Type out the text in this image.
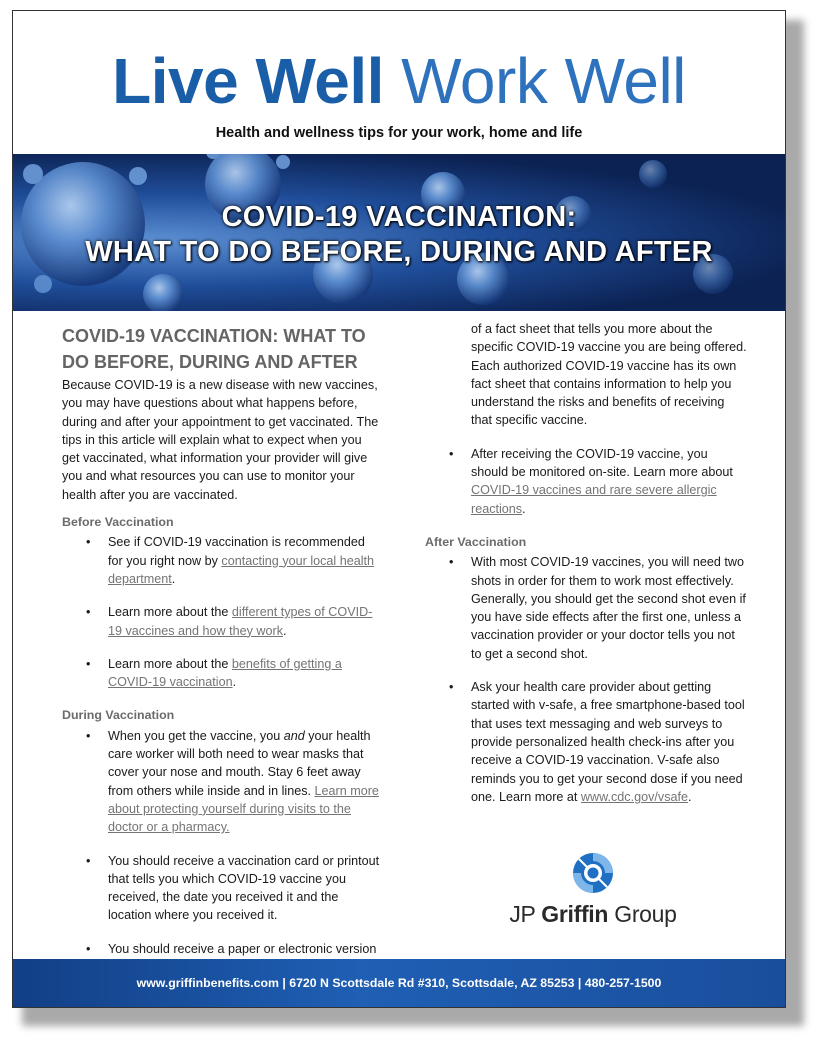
Live Well Work Well
Health and wellness tips for your work, home and life
COVID-19 VACCINATION:
WHAT TO DO BEFORE, DURING AND AFTER
COVID-19 VACCINATION: WHAT TO DO BEFORE, DURING AND AFTER
Because COVID-19 is a new disease with new vaccines, you may have questions about what happens before, during and after your appointment to get vaccinated. The tips in this article will explain what to expect when you get vaccinated, what information your provider will give you and what resources you can use to monitor your health after you are vaccinated.
Before Vaccination
• See if COVID-19 vaccination is recommended for you right now by contacting your local health department.
• Learn more about the different types of COVID-19 vaccines and how they work.
• Learn more about the benefits of getting a COVID-19 vaccination.
During Vaccination
• When you get the vaccine, you and your health care worker will both need to wear masks that cover your nose and mouth. Stay 6 feet away from others while inside and in lines. Learn more about protecting yourself during visits to the doctor or a pharmacy.
• You should receive a vaccination card or printout that tells you which COVID-19 vaccine you received, the date you received it and the location where you received it.
• You should receive a paper or electronic version
of a fact sheet that tells you more about the specific COVID-19 vaccine you are being offered. Each authorized COVID-19 vaccine has its own fact sheet that contains information to help you understand the risks and benefits of receiving that specific vaccine.
• After receiving the COVID-19 vaccine, you should be monitored on-site. Learn more about COVID-19 vaccines and rare severe allergic reactions.
After Vaccination
• With most COVID-19 vaccines, you will need two shots in order for them to work most effectively. Generally, you should get the second shot even if you have side effects after the first one, unless a vaccination provider or your doctor tells you not to get a second shot.
• Ask your health care provider about getting started with v-safe, a free smartphone-based tool that uses text messaging and web surveys to provide personalized health check-ins after you receive a COVID-19 vaccination. V-safe also reminds you to get your second dose if you need one. Learn more at www.cdc.gov/vsafe.
JP Griffin Group
www.griffinbenefits.com | 6720 N Scottsdale Rd #310, Scottsdale, AZ 85253 | 480-257-1500
